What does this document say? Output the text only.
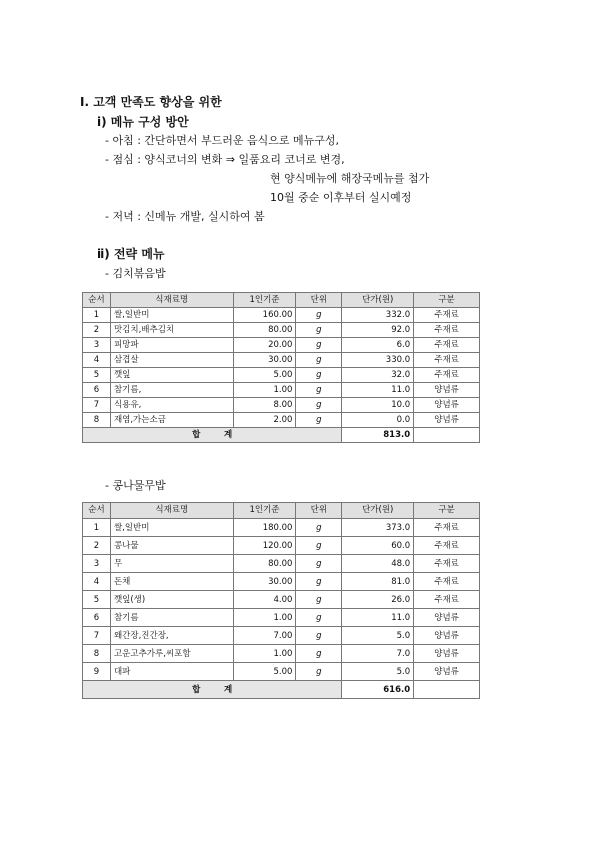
Ⅰ. 고객 만족도 향상을 위한
ⅰ) 메뉴 구성 방안
- 아침 : 간단하면서 부드러운 음식으로 메뉴구성,
- 점심 : 양식코너의 변화 ⇒ 일품요리 코너로 변경,
현 양식메뉴에 해장국메뉴를 첨가
10월 중순 이후부터 실시예정
- 저녁 : 신메뉴 개발, 실시하여 봄
ⅱ) 전략 메뉴
- 김치볶음밥
순서	식재료명	1인기준	단위	단가(원)	구분
1	쌀,일반미	160.00	g	332.0	주재료
2	맛김치,배추김치	80.00	g	92.0	주재료
3	피망파	20.00	g	6.0	주재료
4	삼겹살	30.00	g	330.0	주재료
5	깻잎	5.00	g	32.0	주재료
6	참기름,	1.00	g	11.0	양념류
7	식용유,	8.00	g	10.0	양념류
8	재염,가는소금	2.00	g	0.0	양념류
합        계				813.0	
- 콩나물무밥
순서	식재료명	1인기준	단위	단가(원)	구분
1	쌀,일반미	180.00	g	373.0	주재료
2	콩나물	120.00	g	60.0	주재료
3	무	80.00	g	48.0	주재료
4	돈채	30.00	g	81.0	주재료
5	깻잎(생)	4.00	g	26.0	주재료
6	참기름	1.00	g	11.0	양념류
7	왜간장,진간장,	7.00	g	5.0	양념류
8	고운고추가루,씨포함	1.00	g	7.0	양념류
9	대파	5.00	g	5.0	양념류
합        계				616.0	
